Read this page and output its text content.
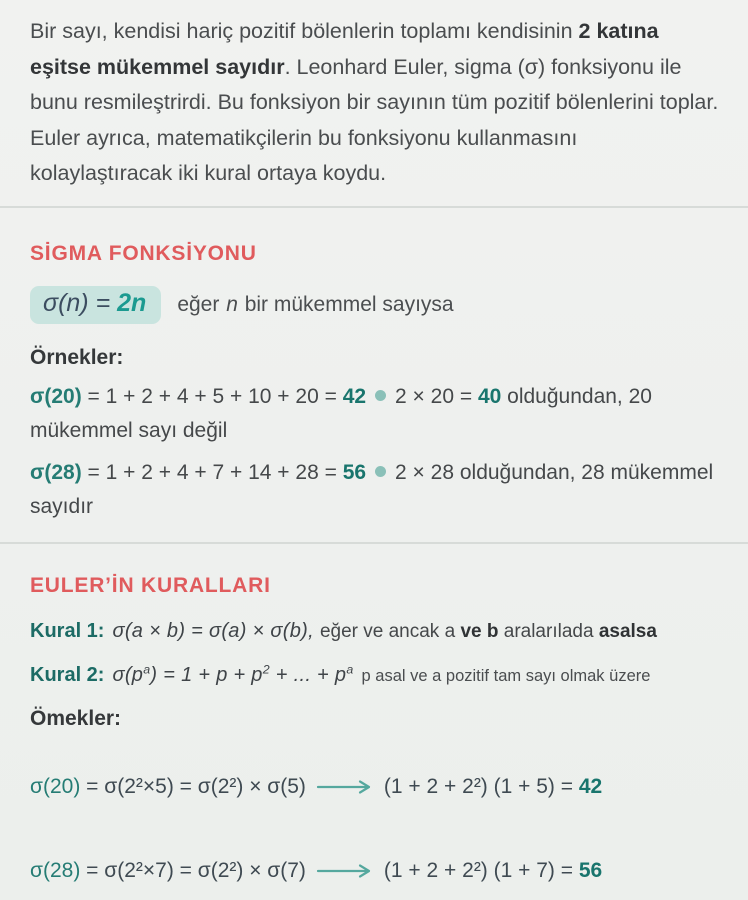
Bir sayı, kendisi hariç pozitif bölenlerin toplamı kendisinin 2 katına eşitse mükemmel sayıdır. Leonhard Euler, sigma (σ) fonksiyonu ile bunu resmileştrirdi. Bu fonksiyon bir sayının tüm pozitif bölenlerini toplar. Euler ayrıca, matematikçilerin bu fonksiyonu kullanmasını kolaylaştıracak iki kural ortaya koydu.

SİGMA FONKSİYONU
σ(n) = 2n	eğer n bir mükemmel sayıysa

Örnekler:

σ(20) = 1 + 2 + 4 + 5 + 10 + 20 = 42 2 × 20 = 40 olduğundan, 20 mükemmel sayı değil

σ(28) = 1 + 2 + 4 + 7 + 14 + 28 = 56 2 × 28 olduğundan, 28 mükemmel sayıdır

EULER’İN KURALLARI

Kural 1: σ(a × b) = σ(a) × σ(b), eğer ve ancak a ve b aralarılada asalsa

Kural 2: $\sigma(p^a) = 1 + p + p^2$ + ... + $p^a$ p asal ve a pozitif tam sayı olmak üzere

Ömekler:

σ(20) = σ(2²×5) = σ(2²) × σ(5)	(1 + 2 + 2²) (1 + 5) = 42

σ(28) = σ(2²×7) = σ(2²) × σ(7)	(1 + 2 + 2²) (1 + 7) = 56
